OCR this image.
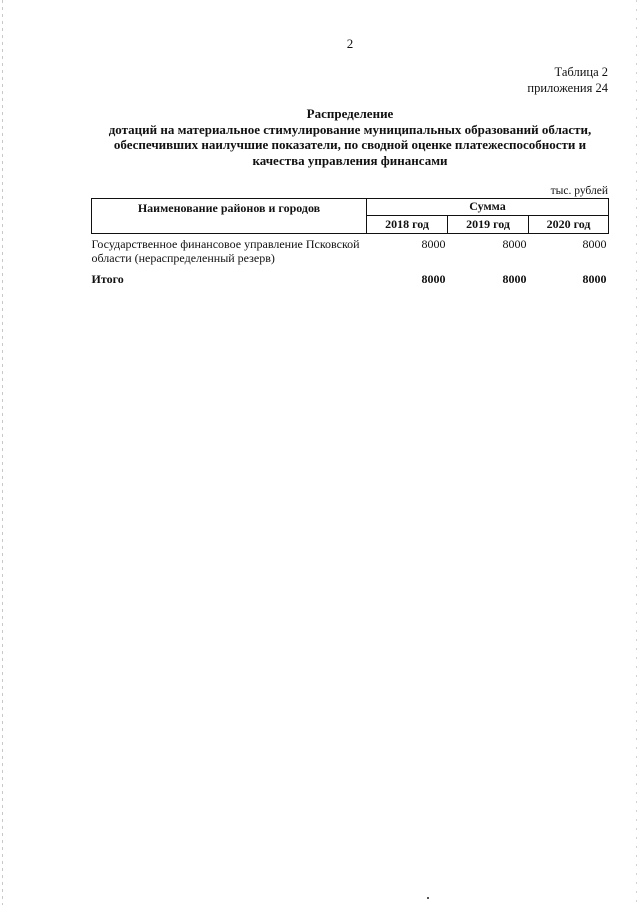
2
Таблица 2
приложения 24
Распределение
дотаций на материальное стимулирование муниципальных образований области,
обеспечивших наилучшие показатели, по сводной оценке платежеспособности и
качества управления финансами
тыс. рублей
Наименование районов и городов	Сумма		
	2018 год	2019 год	2020 год
Государственное финансовое управление Псковской области (нераспределенный резерв)	8000	8000	8000
Итого	8000	8000	8000
